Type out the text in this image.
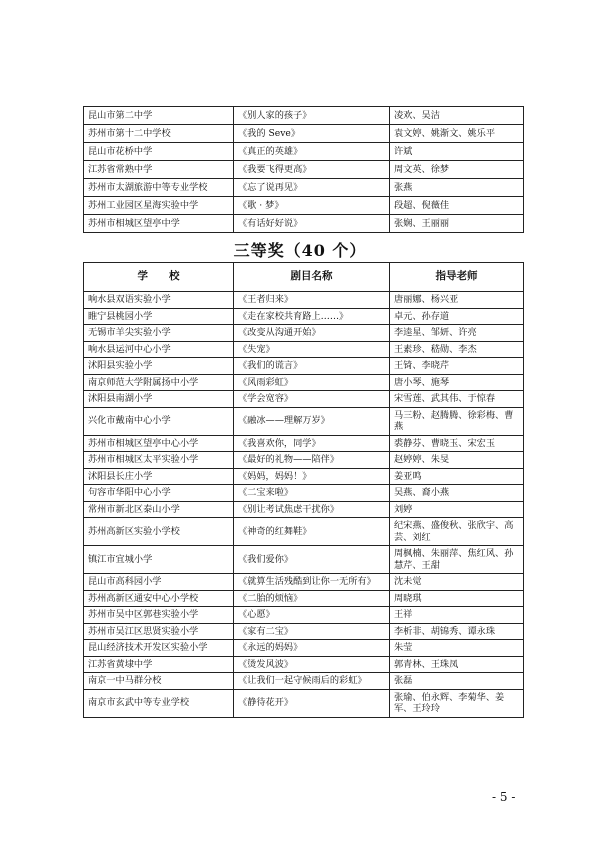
昆山市第二中学	《别人家的孩子》	凌欢、吴洁
苏州市第十二中学校	《我的 Seve》	袁文婷、姚渐文、姚乐平
昆山市花桥中学	《真正的英雄》	许斌
江苏省常熟中学	《我要飞得更高》	周文英、徐梦
苏州市太湖旅游中等专业学校	《忘了说再见》	张燕
苏州工业园区星海实验中学	《歌 · 梦》	段超、倪薇佳
苏州市相城区望亭中学	《有话好好说》	张娴、王丽丽
三等奖（40 个）
学　　校	剧目名称	指导老师
响水县双语实验小学	《王者归来》	唐丽娜、杨兴亚
睢宁县桃园小学	《走在家校共育路上……》	卓元、孙存道
无锡市羊尖实验小学	《改变从沟通开始》	李逵星、邹妍、许亮
响水县运河中心小学	《失宠》	王素珍、嵇勋、李杰
沭阳县实验小学	《我们的谎言》	王锜、李晓芹
南京师范大学附属扬中小学	《风雨彩虹》	唐小琴、施琴
沭阳县南湖小学	《学会宽容》	宋雪莲、武其伟、于惊春
兴化市戴南中心小学	《融冰——理解万岁》	马三粉、赵腾腾、徐彩梅、曹燕
苏州市相城区望亭中心小学	《我喜欢你，同学》	裘静芬、曹晓玉、宋宏玉
苏州市相城区太平实验小学	《最好的礼物——陪伴》	赵婷婷、朱旻
沭阳县长庄小学	《妈妈，妈妈！》	姜亚鸣
句容市华阳中心小学	《二宝来啦》	吴燕、裔小燕
常州市新北区泰山小学	《别让考试焦虑干扰你》	刘婷
苏州高新区实验小学校	《神奇的红舞鞋》	纪宋燕、盛俊秋、张欣宇、高芸、刘红
镇江市宜城小学	《我们爱你》	周枫楠、朱丽萍、焦红风、孙慧芹、王甜
昆山市高科园小学	《就算生活残酷到让你一无所有》	沈未觉
苏州高新区通安中心小学校	《二胎的烦恼》	周晓琪
苏州市吴中区郭巷实验小学	《心愿》	王祥
苏州市吴江区思贤实验小学	《家有二宝》	李析非、胡锦秀、谭永珠
昆山经济技术开发区实验小学	《永远的妈妈》	朱莹
江苏省黄埭中学	《烫发风波》	郭青林、王珠凤
南京一中马群分校	《让我们一起守候雨后的彩虹》	张磊
南京市玄武中等专业学校	《静待花开》	张瑜、伯永辉、李菊华、姜军、王玲玲
- 5 -
